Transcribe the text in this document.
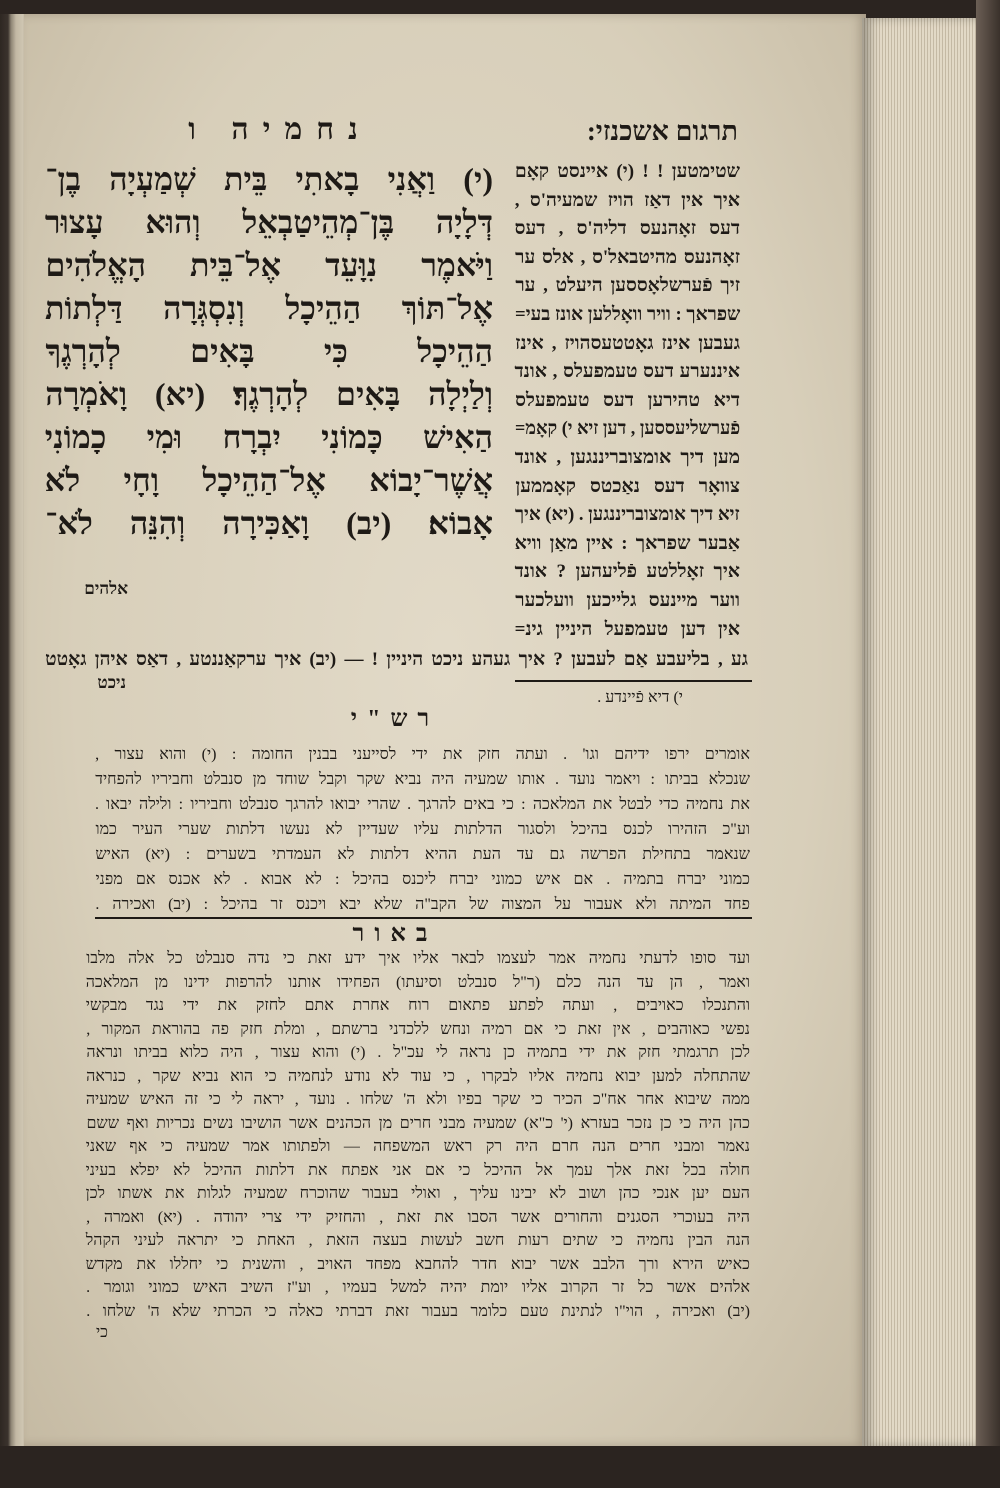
תרגום אשכנזי:
נחמיה ו
(י) וַאֲנִי בָאתִי בֵּית שְׁמַעְיָה בֶן־
דְּלָיָה בֶּן־מְהֵיטַבְאֵל וְהוּא עָצוּר
וַיֹּאמֶר נִוָּעֵד אֶל־בֵּית הָאֱלֹהִים
אֶל־תּוֹךְ הַהֵיכָל וְנִסְגְּרָה דַּלְתוֹת
הַהֵיכָל כִּי בָּאִים לְהָרְגֶךָ
וְלַיְלָה בָּאִים לְהָרְגֶךָ׃ (יא) וָאֹמְרָה
הַאִישׁ כָּמוֹנִי יִבְרָח וּמִי כָמוֹנִי
אֲשֶׁר־יָבוֹא אֶל־הַהֵיכָל וָחָי לֹא
אָבוֹא׃ (יב) וָאַכִּירָה וְהִנֵּה לֹא־
אלהים
שטימטען ! ! (י) איינסט קאָם
איך אין דאַז הויז שמעיה'ס ,
דעס זאָהנעס דליה'ס , דעס
זאָהנעס מהיטבאל'ס , אלס ער
זיך פֿערשלאָססען היעלט , ער
שפראך : וויר וואָללען אונז בעי=
געבען אינז גאָטטעסהויז , אינז
איננערע דעס טעמפעלס , אונד
דיא טהירען דעס טעמפעלס
פֿערשליעססען , דען זיא י) קאָמ=
מען דיך אומצובריננגען , אונד
צוואָר דעס נאַכטס קאָממען
זיא דיך אומצובריננגען . (יא) איך
אַבער שפראך : איין מאַן וויא
איך זאָללטע פֿליעהען ? אונד
ווער מיינעס גלייכען וועלכער
אין דען טעמפעל היניין גינ=
גע , בליעבע אַם לעבען ? איך געהע ניכט היניין ! — (יב) איך ערקאַננטע , דאַס איהן גאָטט
ניכט
י) דיא פֿיינדע .
רש"י
אומרים ירפו ידיהם וגו' . ועתה חזק את ידי לסייעני בבנין החומה : (י) והוא עצור ,
שנכלא בביתו : ויאמר נועד . אותו שמעיה היה נביא שקר וקבל שוחד מן סנבלט וחביריו להפחיד
את נחמיה כדי לבטל את המלאכה : כי באים להרגך . שהרי יבואו להרגך סנבלט וחביריו : ולילה יבאו .
וע"כ הזהירו לכנס בהיכל ולסגור הדלתות עליו שעדיין לא נעשו דלתות שערי העיר כמו
שנאמר בתחילת הפרשה גם עד העת ההיא דלתות לא העמדתי בשערים : (יא) האיש
כמוני יברח בתמיה . אם איש כמוני יברח ליכנס בהיכל : לא אבוא . לא אכנס אם מפני
פחד המיתה ולא אעבור על המצוה של הקב"ה שלא יבא ויכנס זר בהיכל : (יב) ואכירה .
באור
ועד סופו לדעתי נחמיה אמר לעצמו לבאר אליו איך ידע זאת כי נדה סנבלט כל אלה מלבו
ואמר , הן עד הנה כלם (ר"ל סנבלט וסיעתו) הפחידו אותנו להרפות ידינו מן המלאכה
והתנכלו כאויבים , ועתה לפתע פתאום רוח אחרת אתם לחזק את ידי נגד מבקשי
נפשי כאוהבים , אין זאת כי אם רמיה ונחש ללכדני ברשתם , ומלת חזק פה בהוראת המקור ,
לכן תרגמתי חזק את ידי בתמיה כן נראה לי עכ"ל . (י) והוא עצור , היה כלוא בביתו ונראה
שהתחלה למען יבוא נחמיה אליו לבקרו , כי עוד לא נודע לנחמיה כי הוא נביא שקר , כנראה
ממה שיבוא אחר אח"כ הכיר כי שקר בפיו ולא ה' שלחו . נועד , יראה לי כי זה האיש שמעיה
כהן היה כי כן נזכר בעזרא (י' כ"א) שמעיה מבני חרים מן הכהנים אשר הושיבו נשים נכריות ואף ששם
נאמר ומבני חרים הנה חרם היה רק ראש המשפחה — ולפתותו אמר שמעיה כי אף שאני
חולה בכל זאת אלך עמך אל ההיכל כי אם אני אפתח את דלתות ההיכל לא יפלא בעיני
העם יען אנכי כהן ושוב לא יבינו עליך , ואולי בעבור שהוכרח שמעיה לגלות את אשתו לכן
היה בעוכרי הסגנים והחורים אשר הסבו את זאת , והחזיק ידי צרי יהודה . (יא) ואמרה ,
הנה הבין נחמיה כי שתים רעות חשב לעשות בעצה הזאת , האחת כי יתראה לעיני הקהל
כאיש הירא ורך הלבב אשר יבוא חדר להחבא מפחד האויב , והשנית כי יחללו את מקדש
אלהים אשר כל זר הקרוב אליו יומת יהיה למשל בעמיו , וע"ז השיב האיש כמוני וגומר .
(יב) ואכירה , הוי"ו לנתינת טעם כלומר בעבור זאת דברתי כאלה כי הכרתי שלא ה' שלחו .
כי
